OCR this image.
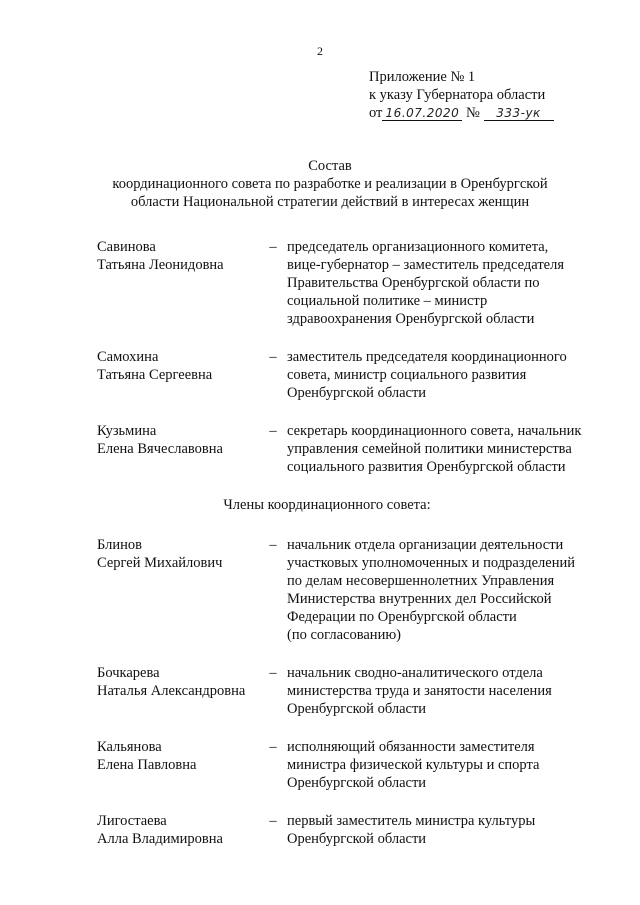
2
Приложение № 1
к указу Губернатора области
от 16.07.2020 № 333-ук
Состав
координационного совета по разработке и реализации в Оренбургской
области Национальной стратегии действий в интересах женщин
Савинова
Татьяна Леонидовна
– председатель организационного комитета,
вице-губернатор – заместитель председателя
Правительства Оренбургской области по
социальной политике – министр
здравоохранения Оренбургской области
Самохина
Татьяна Сергеевна
– заместитель председателя координационного
совета, министр социального развития
Оренбургской области
Кузьмина
Елена Вячеславовна
– секретарь координационного совета, начальник
управления семейной политики министерства
социального развития Оренбургской области
Члены координационного совета:
Блинов
Сергей Михайлович
– начальник отдела организации деятельности
участковых уполномоченных и подразделений
по делам несовершеннолетних Управления
Министерства внутренних дел Российской
Федерации по Оренбургской области
(по согласованию)
Бочкарева
Наталья Александровна
– начальник сводно-аналитического отдела
министерства труда и занятости населения
Оренбургской области
Кальянова
Елена Павловна
– исполняющий обязанности заместителя
министра физической культуры и спорта
Оренбургской области
Лигостаева
Алла Владимировна
– первый заместитель министра культуры
Оренбургской области
